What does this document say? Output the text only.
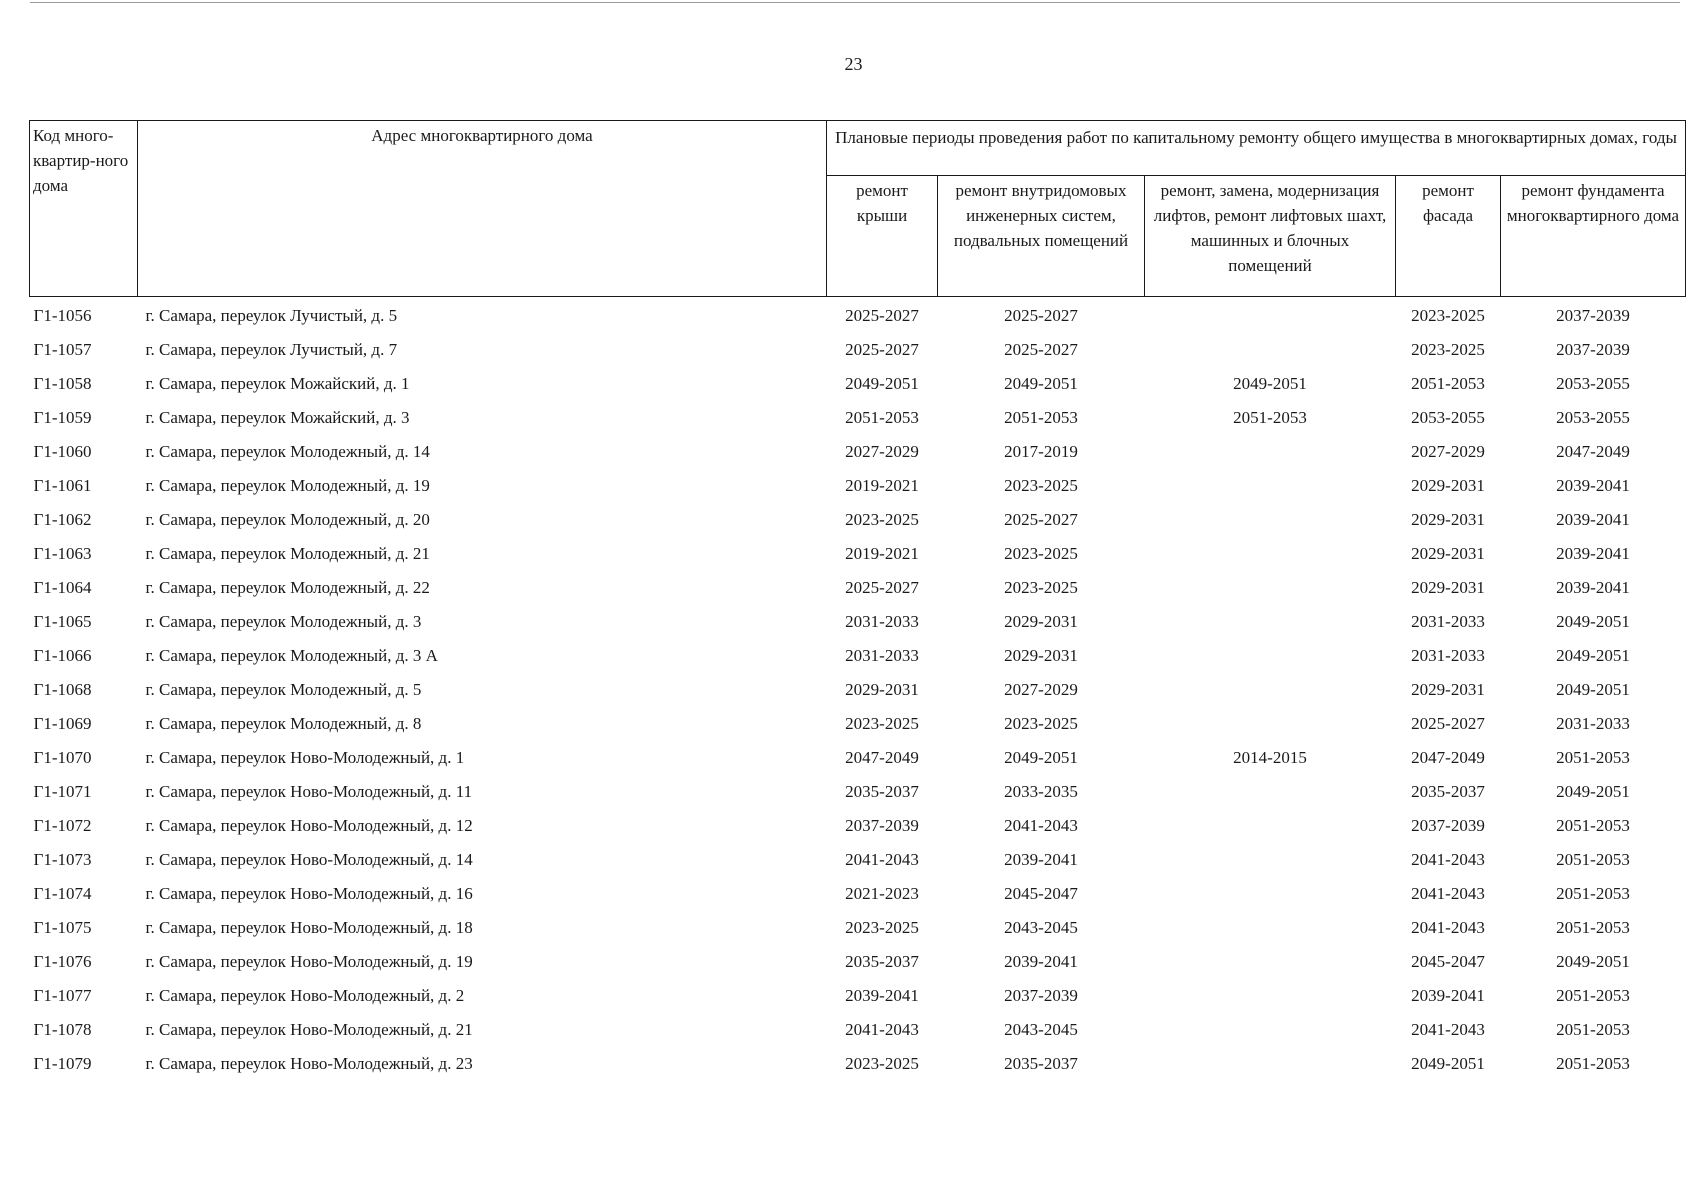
23
Код много-квартир-ного дома	Адрес многоквартирного дома	Плановые периоды проведения работ по капитальному ремонту общего имущества в многоквартирных домах, годы				
		ремонт крыши	ремонт внутридомовых инженерных систем, подвальных помещений	ремонт, замена, модернизация лифтов, ремонт лифтовых шахт, машинных и блочных помещений	ремонт фасада	ремонт фундамента многоквартирного дома
Г1-1056	г. Самара, переулок Лучистый, д. 5	2025-2027	2025-2027		2023-2025	2037-2039
Г1-1057	г. Самара, переулок Лучистый, д. 7	2025-2027	2025-2027		2023-2025	2037-2039
Г1-1058	г. Самара, переулок Можайский, д. 1	2049-2051	2049-2051	2049-2051	2051-2053	2053-2055
Г1-1059	г. Самара, переулок Можайский, д. 3	2051-2053	2051-2053	2051-2053	2053-2055	2053-2055
Г1-1060	г. Самара, переулок Молодежный, д. 14	2027-2029	2017-2019		2027-2029	2047-2049
Г1-1061	г. Самара, переулок Молодежный, д. 19	2019-2021	2023-2025		2029-2031	2039-2041
Г1-1062	г. Самара, переулок Молодежный, д. 20	2023-2025	2025-2027		2029-2031	2039-2041
Г1-1063	г. Самара, переулок Молодежный, д. 21	2019-2021	2023-2025		2029-2031	2039-2041
Г1-1064	г. Самара, переулок Молодежный, д. 22	2025-2027	2023-2025		2029-2031	2039-2041
Г1-1065	г. Самара, переулок Молодежный, д. 3	2031-2033	2029-2031		2031-2033	2049-2051
Г1-1066	г. Самара, переулок Молодежный, д. 3 А	2031-2033	2029-2031		2031-2033	2049-2051
Г1-1068	г. Самара, переулок Молодежный, д. 5	2029-2031	2027-2029		2029-2031	2049-2051
Г1-1069	г. Самара, переулок Молодежный, д. 8	2023-2025	2023-2025		2025-2027	2031-2033
Г1-1070	г. Самара, переулок Ново-Молодежный, д. 1	2047-2049	2049-2051	2014-2015	2047-2049	2051-2053
Г1-1071	г. Самара, переулок Ново-Молодежный, д. 11	2035-2037	2033-2035		2035-2037	2049-2051
Г1-1072	г. Самара, переулок Ново-Молодежный, д. 12	2037-2039	2041-2043		2037-2039	2051-2053
Г1-1073	г. Самара, переулок Ново-Молодежный, д. 14	2041-2043	2039-2041		2041-2043	2051-2053
Г1-1074	г. Самара, переулок Ново-Молодежный, д. 16	2021-2023	2045-2047		2041-2043	2051-2053
Г1-1075	г. Самара, переулок Ново-Молодежный, д. 18	2023-2025	2043-2045		2041-2043	2051-2053
Г1-1076	г. Самара, переулок Ново-Молодежный, д. 19	2035-2037	2039-2041		2045-2047	2049-2051
Г1-1077	г. Самара, переулок Ново-Молодежный, д. 2	2039-2041	2037-2039		2039-2041	2051-2053
Г1-1078	г. Самара, переулок Ново-Молодежный, д. 21	2041-2043	2043-2045		2041-2043	2051-2053
Г1-1079	г. Самара, переулок Ново-Молодежный, д. 23	2023-2025	2035-2037		2049-2051	2051-2053
